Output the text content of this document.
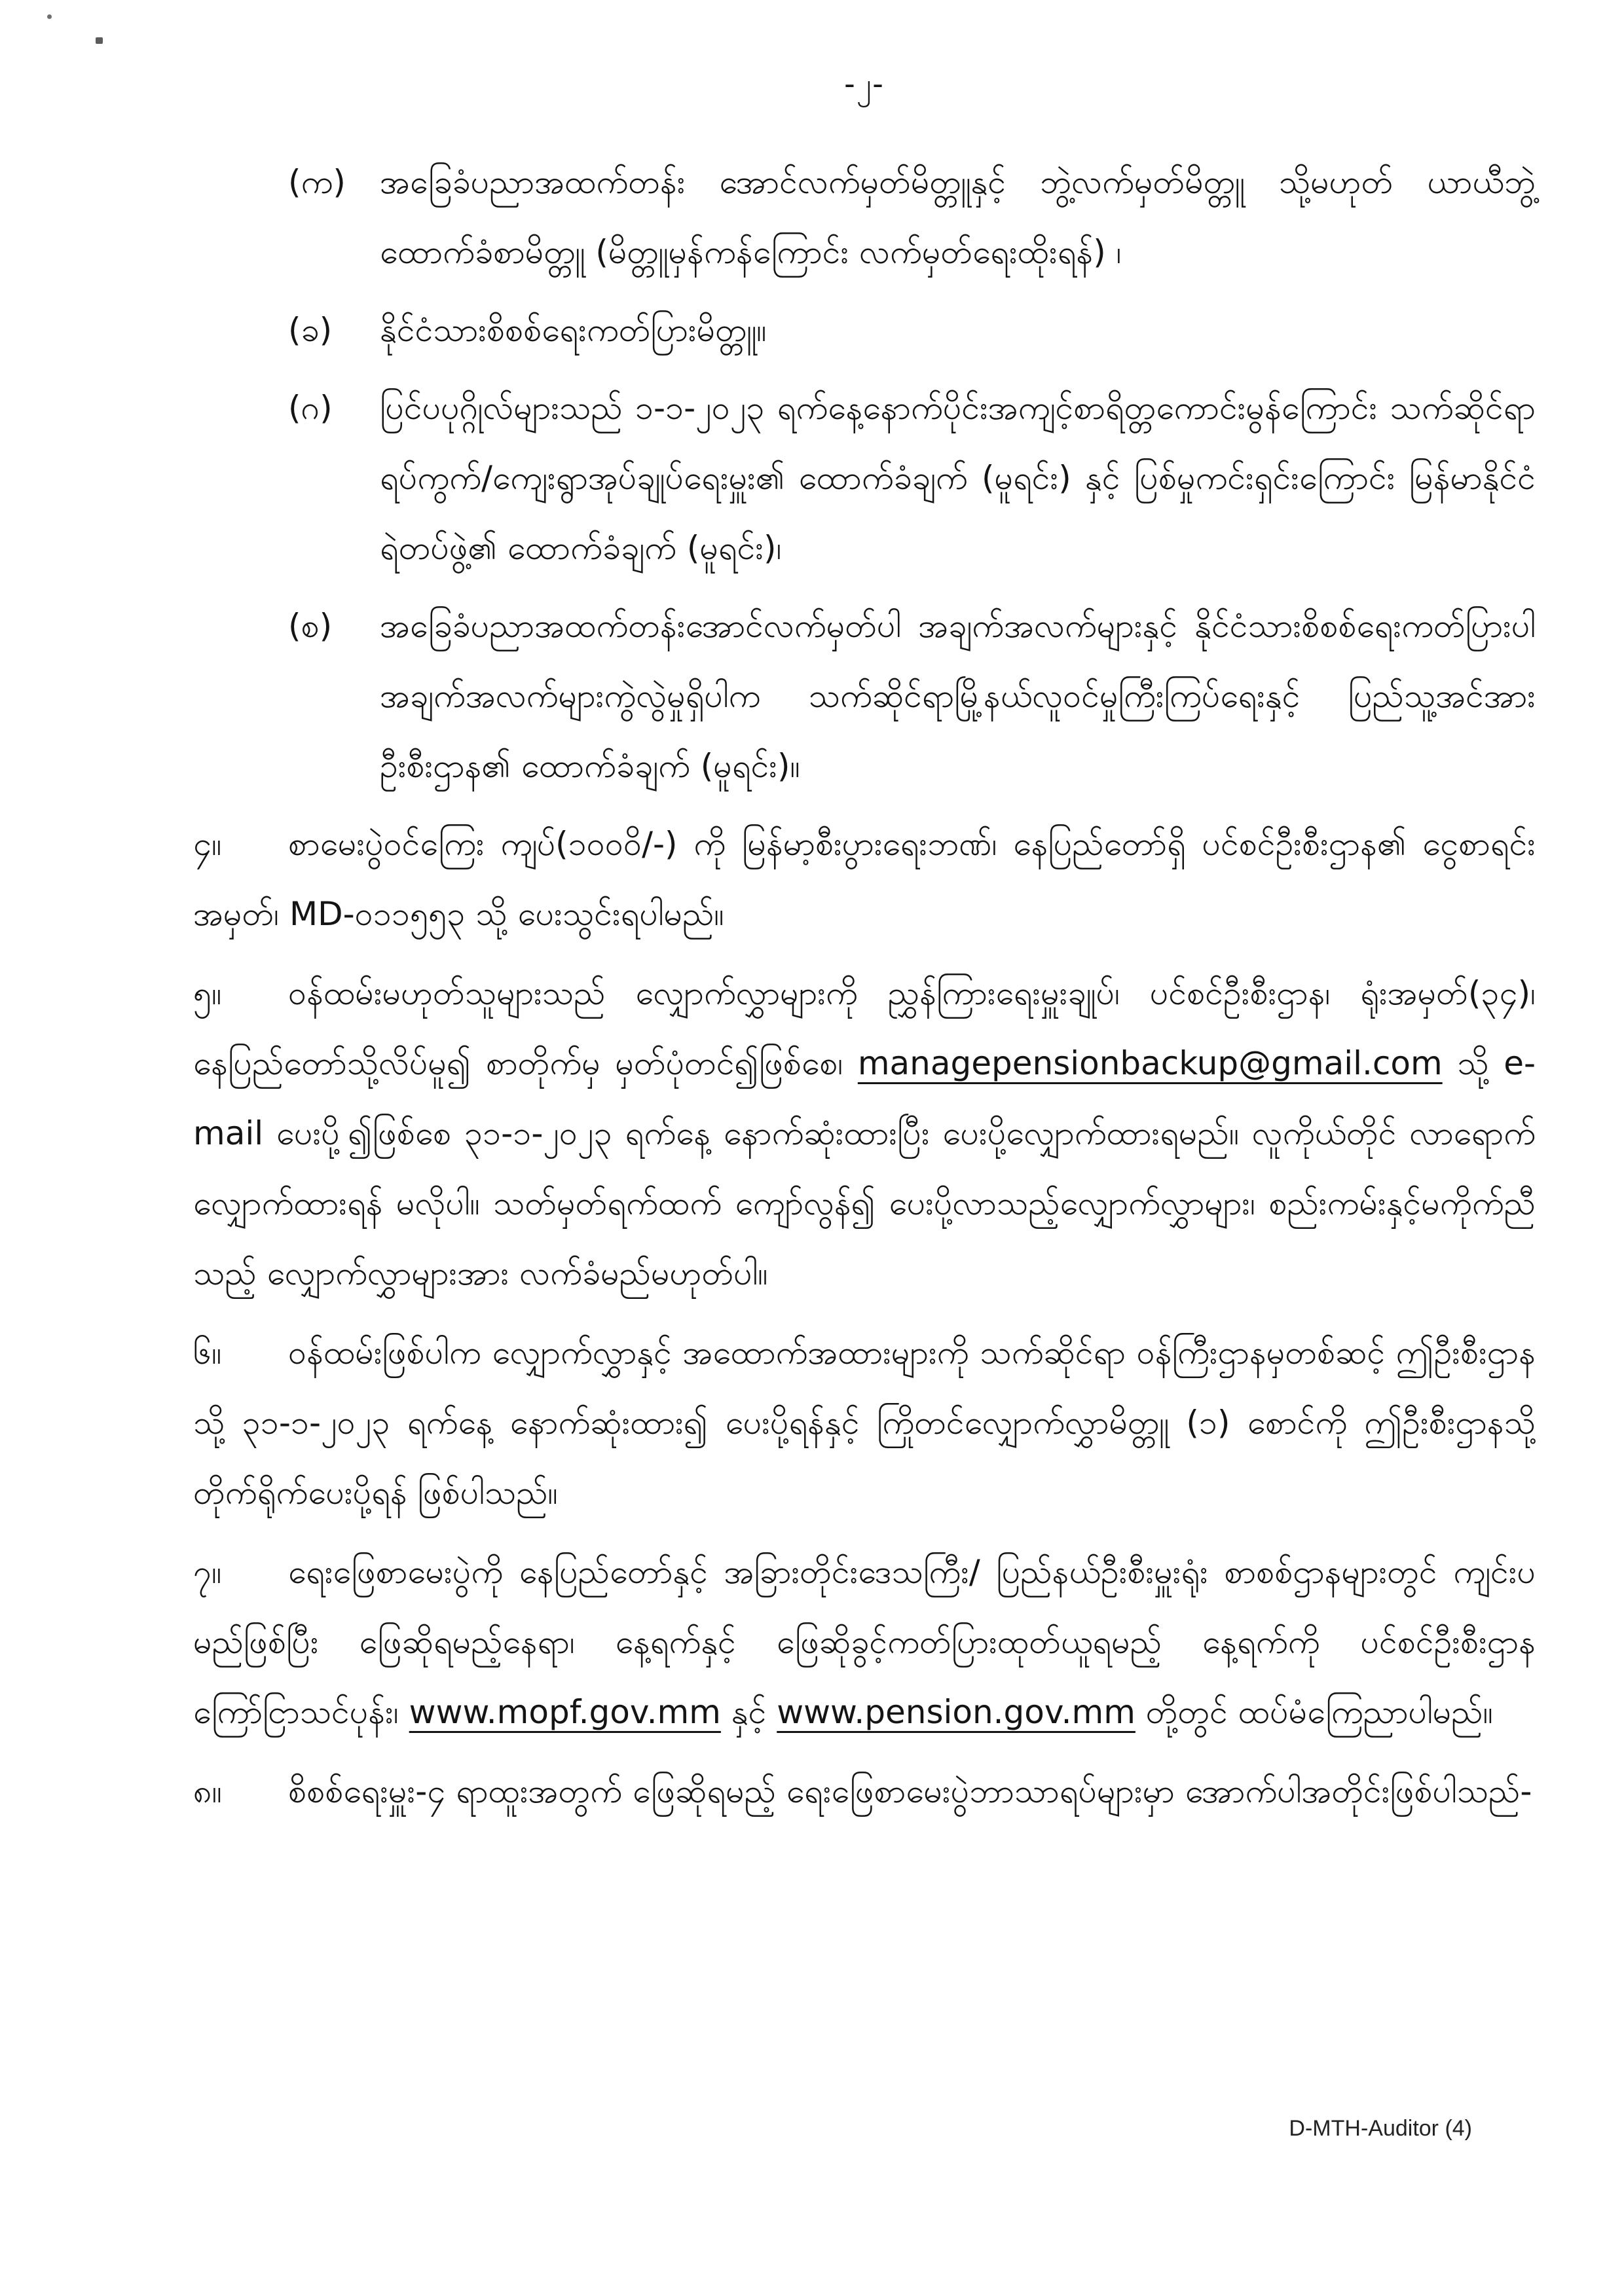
-၂-
(က)	အခြေခံပညာအထက်တန်း အောင်လက်မှတ်မိတ္တူနှင့် ဘွဲ့လက်မှတ်မိတ္တူ သို့မဟုတ် ယာယီဘွဲ့ထောက်ခံစာမိတ္တူ (မိတ္တူမှန်ကန်ကြောင်း လက်မှတ်ရေးထိုးရန်) ၊
(ခ)	နိုင်ငံသားစိစစ်ရေးကတ်ပြားမိတ္တူ။
(ဂ)	ပြင်ပပုဂ္ဂိုလ်များသည် ၁-၁-၂၀၂၃ ရက်နေ့နောက်ပိုင်းအကျင့်စာရိတ္တကောင်းမွန်ကြောင်း သက်ဆိုင်ရာ ရပ်ကွက်/ကျေးရွာအုပ်ချုပ်ရေးမှူး၏ ထောက်ခံချက် (မူရင်း) နှင့် ပြစ်မှုကင်းရှင်းကြောင်း မြန်မာနိုင်ငံရဲတပ်ဖွဲ့၏ ထောက်ခံချက် (မူရင်း)၊
(စ)	အခြေခံပညာအထက်တန်းအောင်လက်မှတ်ပါ အချက်အလက်များနှင့် နိုင်ငံသားစိစစ်ရေးကတ်ပြားပါ အချက်အလက်များကွဲလွဲမှုရှိပါက သက်ဆိုင်ရာမြို့နယ်လူဝင်မှုကြီးကြပ်ရေးနှင့် ပြည်သူ့အင်အားဦးစီးဌာန၏ ထောက်ခံချက် (မူရင်း)။

၄။ စာမေးပွဲဝင်ကြေး ကျပ်(၁၀၀၀ိ/-) ကို မြန်မာ့စီးပွားရေးဘဏ်၊ နေပြည်တော်ရှိ ပင်စင်ဦးစီးဌာန၏ ငွေစာရင်းအမှတ်၊ MD-၀၁၁၅၅၃ သို့ ပေးသွင်းရပါမည်။

၅။ ဝန်ထမ်းမဟုတ်သူများသည် လျှောက်လွှာများကို ညွှန်ကြားရေးမှူးချုပ်၊ ပင်စင်ဦးစီးဌာန၊ ရုံးအမှတ်(၃၄)၊ နေပြည်တော်သို့လိပ်မူ၍ စာတိုက်မှ မှတ်ပုံတင်၍ဖြစ်စေ၊ managepensionbackup@gmail.com သို့ e-mail ပေးပို့၍ဖြစ်စေ ၃၁-၁-၂၀၂၃ ရက်နေ့ နောက်ဆုံးထားပြီး ပေးပို့လျှောက်ထားရမည်။ လူကိုယ်တိုင် လာရောက်လျှောက်ထားရန် မလိုပါ။ သတ်မှတ်ရက်ထက် ကျော်လွန်၍ ပေးပို့လာသည့်လျှောက်လွှာများ၊ စည်းကမ်းနှင့်မကိုက်ညီသည့် လျှောက်လွှာများအား လက်ခံမည်မဟုတ်ပါ။

၆။ ဝန်ထမ်းဖြစ်ပါက လျှောက်လွှာနှင့် အထောက်အထားများကို သက်ဆိုင်ရာ ဝန်ကြီးဌာနမှတစ်ဆင့် ဤဦးစီးဌာနသို့ ၃၁-၁-၂၀၂၃ ရက်နေ့ နောက်ဆုံးထား၍ ပေးပို့ရန်နှင့် ကြိုတင်လျှောက်လွှာမိတ္တူ (၁) စောင်ကို ဤဦးစီးဌာနသို့ တိုက်ရိုက်ပေးပို့ရန် ဖြစ်ပါသည်။

၇။ ရေးဖြေစာမေးပွဲကို နေပြည်တော်နှင့် အခြားတိုင်းဒေသကြီး/ ပြည်နယ်ဦးစီးမှူးရုံး စာစစ်ဌာနများတွင် ကျင်းပမည်ဖြစ်ပြီး ဖြေဆိုရမည့်နေရာ၊ နေ့ရက်နှင့် ဖြေဆိုခွင့်ကတ်ပြားထုတ်ယူရမည့် နေ့ရက်ကို ပင်စင်ဦးစီးဌာနကြော်ငြာသင်ပုန်း၊ www.mopf.gov.mm နှင့် www.pension.gov.mm တို့တွင် ထပ်မံကြေညာပါမည်။

၈။ စိစစ်ရေးမှူး-၄ ရာထူးအတွက် ဖြေဆိုရမည့် ရေးဖြေစာမေးပွဲဘာသာရပ်များမှာ အောက်ပါအတိုင်းဖြစ်ပါသည်-

D-MTH-Auditor (4)
